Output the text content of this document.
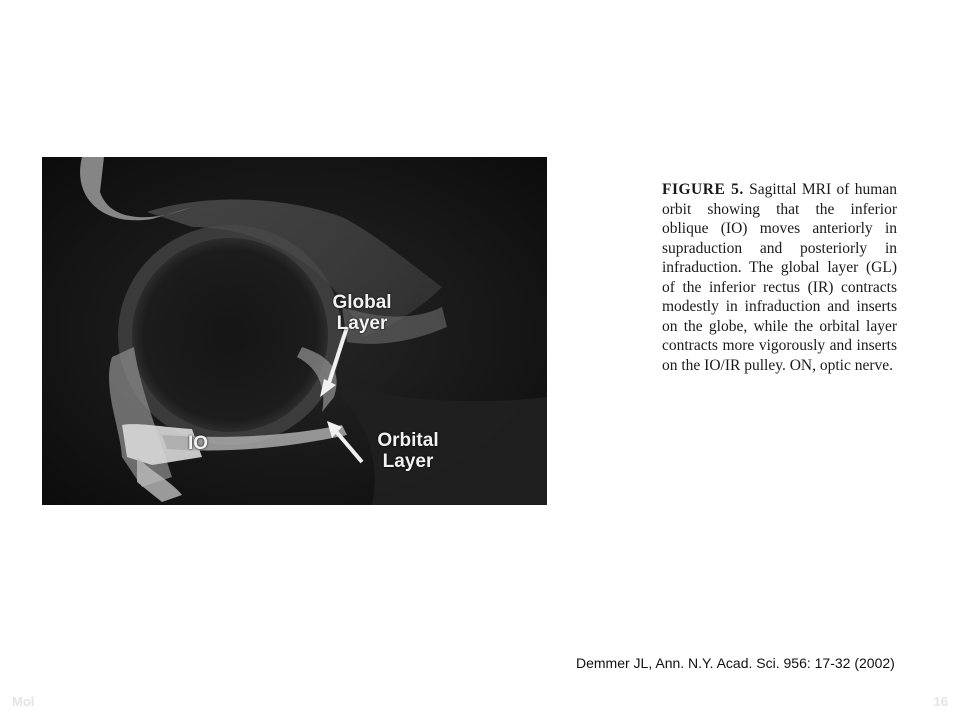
Global
Layer
Orbital
Layer
IO
FIGURE 5. Sagittal MRI of human orbit showing that the inferior oblique (IO) moves anteriorly in supraduction and posteriorly in infraduction. The global layer (GL) of the inferior rectus (IR) contracts modestly in infraduction and inserts on the globe, while the orbital layer contracts more vigorously and inserts on the IO/IR pulley. ON, optic nerve.
Demmer JL, Ann. N.Y. Acad. Sci. 956: 17-32 (2002)
Mol	16
